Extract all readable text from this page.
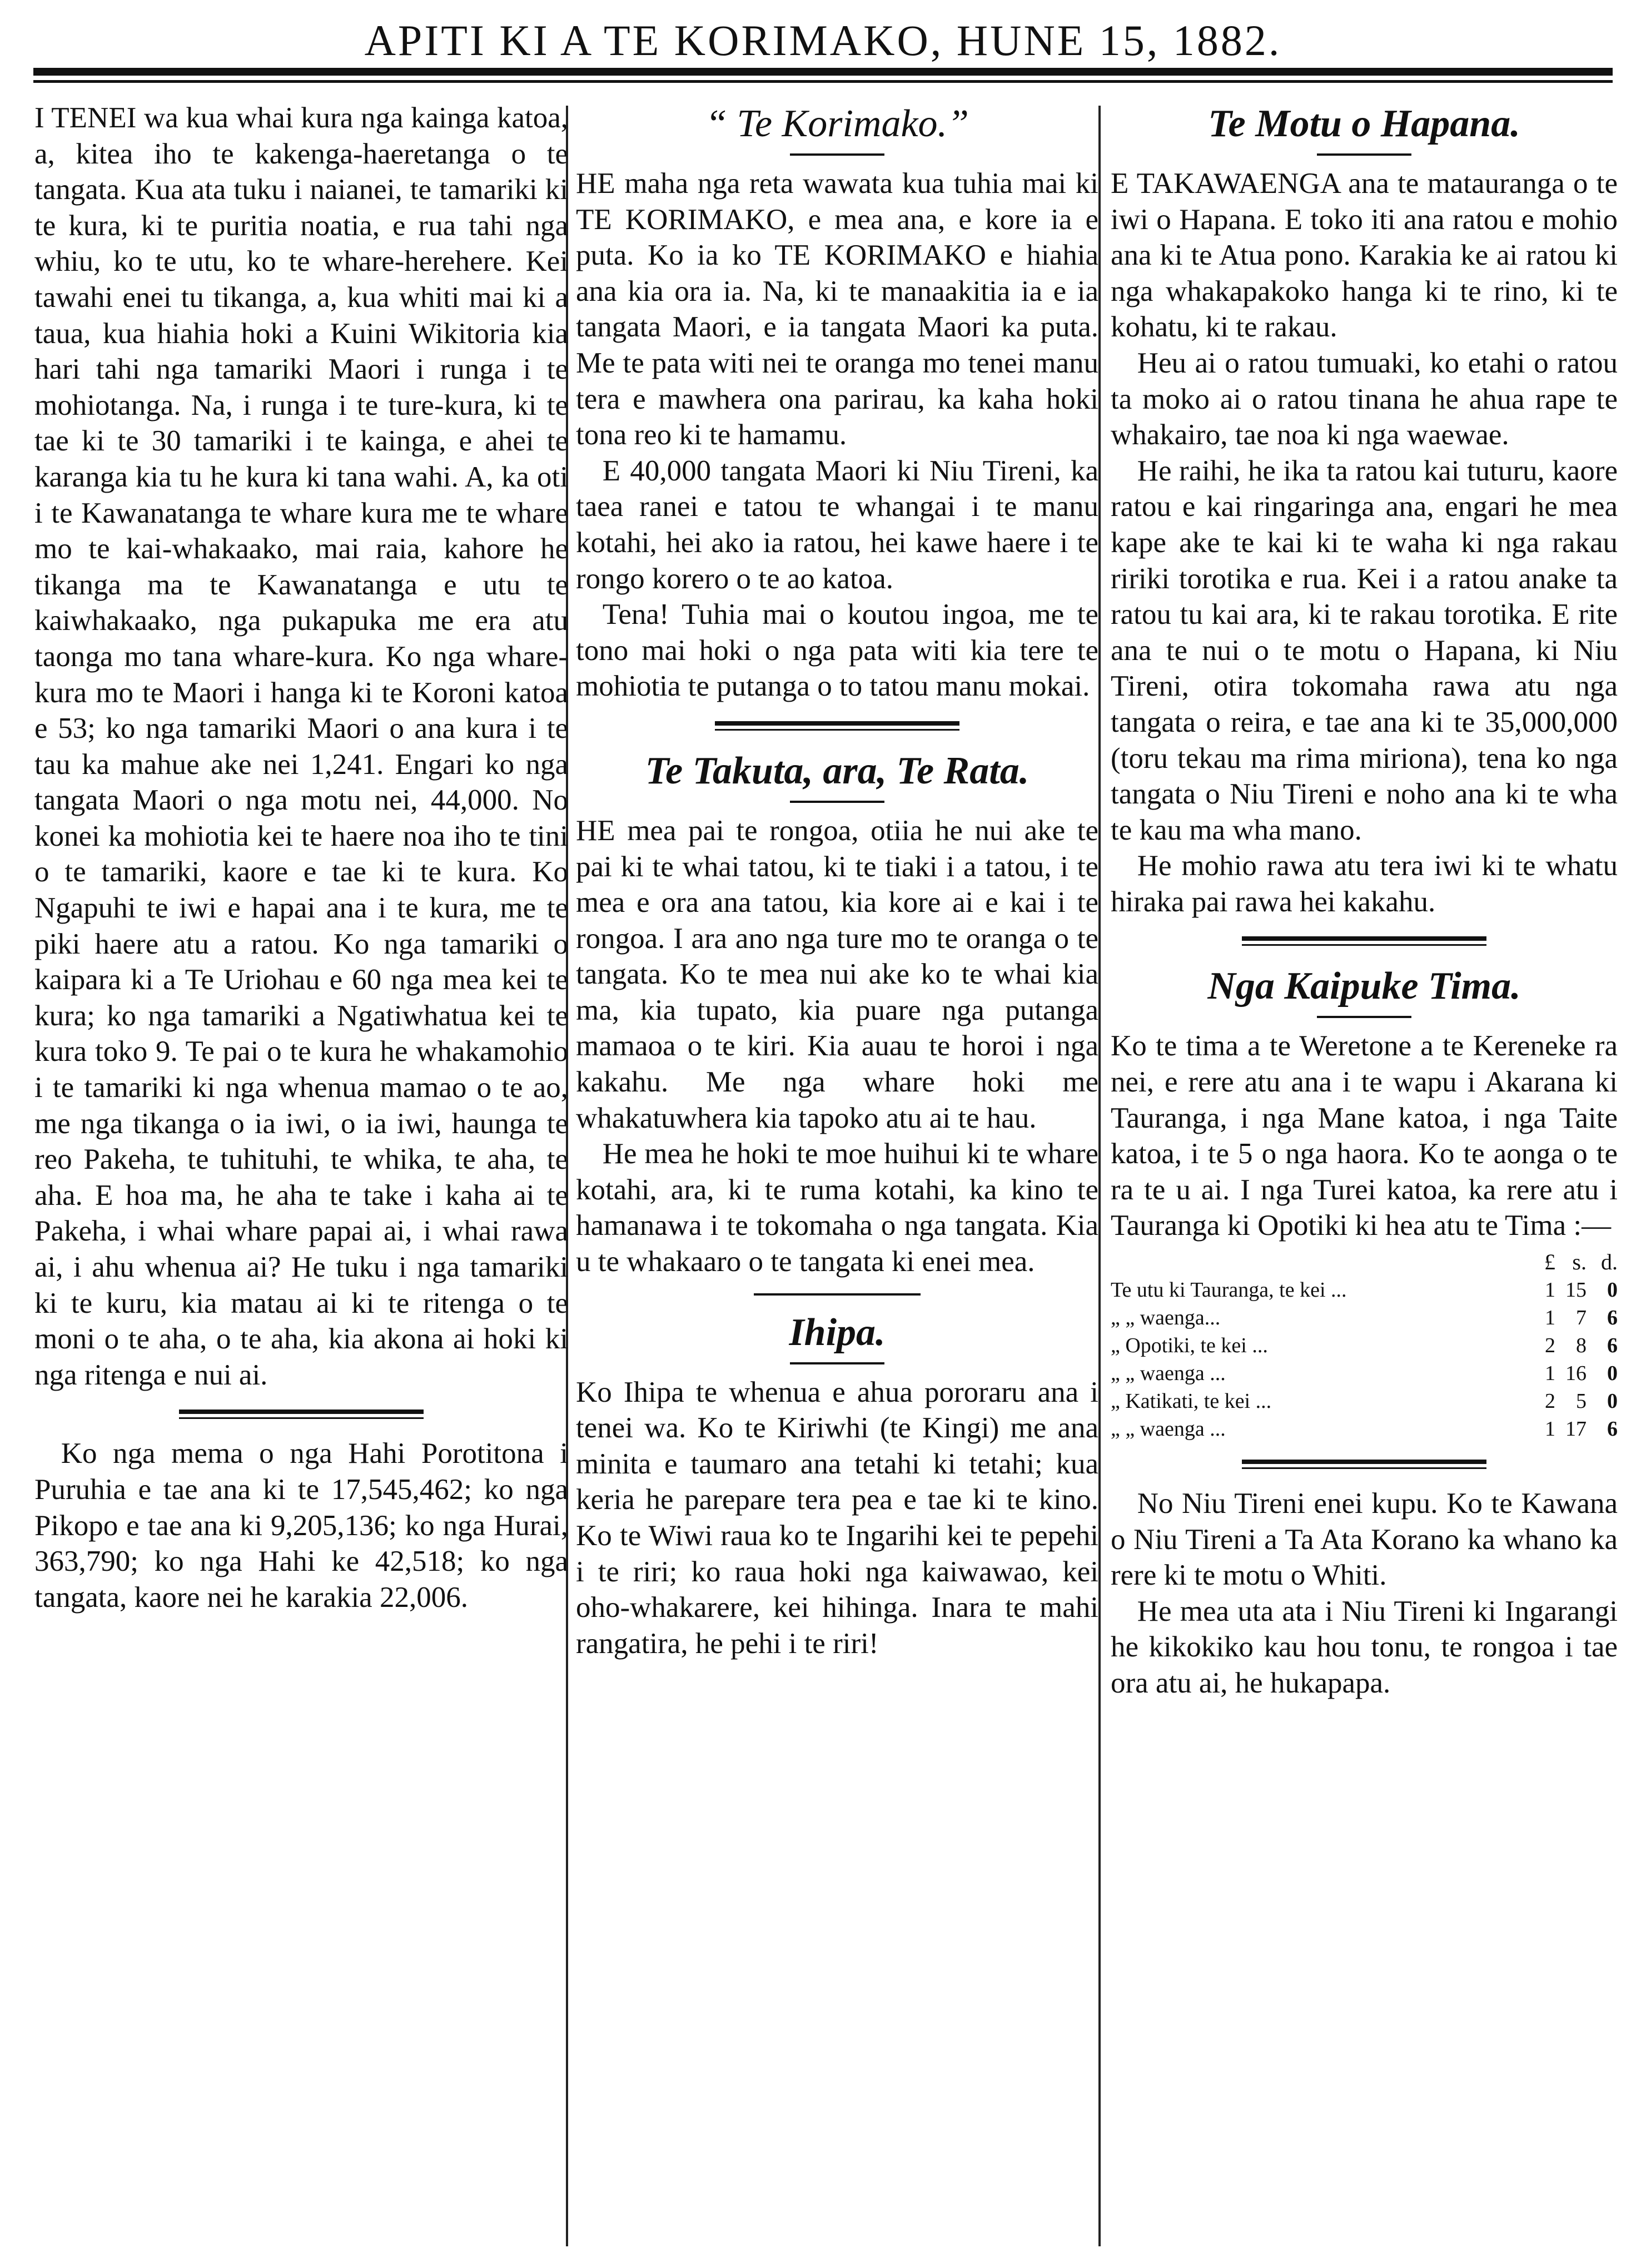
APITI KI A TE KORIMAKO, HUNE 15, 1882.

I TENEI wa kua whai kura nga kainga katoa, a, kitea iho te kakenga-haeretanga o te tangata. Kua ata tuku i naianei, te tamariki ki te kura, ki te puritia noatia, e rua tahi nga whiu, ko te utu, ko te whare-herehere. Kei tawahi enei tu tikanga, a, kua whiti mai ki a taua, kua hiahia hoki a Kuini Wikitoria kia hari tahi nga tamariki Maori i runga i te mohiotanga. Na, i runga i te ture-kura, ki te tae ki te 30 tamariki i te kainga, e ahei te karanga kia tu he kura ki tana wahi. A, ka oti i te Kawanatanga te whare kura me te whare mo te kai-whakaako, mai raia, kahore he tikanga ma te Kawanatanga e utu te kaiwhakaako, nga pukapuka me era atu taonga mo tana whare-kura. Ko nga whare-kura mo te Maori i hanga ki te Koroni katoa e 53; ko nga tamariki Maori o ana kura i te tau ka mahue ake nei 1,241. Engari ko nga tangata Maori o nga motu nei, 44,000. No konei ka mohiotia kei te haere noa iho te tini o te tamariki, kaore e tae ki te kura. Ko Ngapuhi te iwi e hapai ana i te kura, me te piki haere atu a ratou. Ko nga tamariki o kaipara ki a Te Uriohau e 60 nga mea kei te kura; ko nga tamariki a Ngatiwhatua kei te kura toko 9. Te pai o te kura he whakamohio i te tamariki ki nga whenua mamao o te ao, me nga tikanga o ia iwi, o ia iwi, haunga te reo Pakeha, te tuhituhi, te whika, te aha, te aha. E hoa ma, he aha te take i kaha ai te Pakeha, i whai whare papai ai, i whai rawa ai, i ahu whenua ai? He tuku i nga tamariki ki te kuru, kia matau ai ki te ritenga o te moni o te aha, o te aha, kia akona ai hoki ki nga ritenga e nui ai.

Ko nga mema o nga Hahi Porotitona i Puruhia e tae ana ki te 17,545,462; ko nga Pikopo e tae ana ki 9,205,136; ko nga Hurai, 363,790; ko nga Hahi ke 42,518; ko nga tangata, kaore nei he karakia 22,006.

“ Te Korimako.”

HE maha nga reta wawata kua tuhia mai ki TE KORIMAKO, e mea ana, e kore ia e puta. Ko ia ko TE KORIMAKO e hiahia ana kia ora ia. Na, ki te manaakitia ia e ia tangata Maori, e ia tangata Maori ka puta. Me te pata witi nei te oranga mo tenei manu tera e mawhera ona parirau, ka kaha hoki tona reo ki te hamamu.

E 40,000 tangata Maori ki Niu Tireni, ka taea ranei e tatou te whangai i te manu kotahi, hei ako ia ratou, hei kawe haere i te rongo korero o te ao katoa.

Tena! Tuhia mai o koutou ingoa, me te tono mai hoki o nga pata witi kia tere te mohiotia te putanga o to tatou manu mokai.

Te Takuta, ara, Te Rata.

HE mea pai te rongoa, otiia he nui ake te pai ki te whai tatou, ki te tiaki i a tatou, i te mea e ora ana tatou, kia kore ai e kai i te rongoa. I ara ano nga ture mo te oranga o te tangata. Ko te mea nui ake ko te whai kia ma, kia tupato, kia puare nga putanga mamaoa o te kiri. Kia auau te horoi i nga kakahu. Me nga whare hoki me whakatuwhera kia tapoko atu ai te hau.

He mea he hoki te moe huihui ki te whare kotahi, ara, ki te ruma kotahi, ka kino te hamanawa i te tokomaha o nga tangata. Kia u te whakaaro o te tangata ki enei mea.

Ihipa.

Ko Ihipa te whenua e ahua pororaru ana i tenei wa. Ko te Kiriwhi (te Kingi) me ana minita e taumaro ana tetahi ki tetahi; kua keria he parepare tera pea e tae ki te kino. Ko te Wiwi raua ko te Ingarihi kei te pepehi i te riri; ko raua hoki nga kaiwawao, kei oho-whakarere, kei hihinga. Inara te mahi rangatira, he pehi i te riri!

Te Motu o Hapana.

E TAKAWAENGA ana te matauranga o te iwi o Hapana. E toko iti ana ratou e mohio ana ki te Atua pono. Karakia ke ai ratou ki nga whakapakoko hanga ki te rino, ki te kohatu, ki te rakau.

Heu ai o ratou tumuaki, ko etahi o ratou ta moko ai o ratou tinana he ahua rape te whakairo, tae noa ki nga waewae.

He raihi, he ika ta ratou kai tuturu, kaore ratou e kai ringaringa ana, engari he mea kape ake te kai ki te waha ki nga rakau ririki torotika e rua. Kei i a ratou anake ta ratou tu kai ara, ki te rakau torotika. E rite ana te nui o te motu o Hapana, ki Niu Tireni, otira tokomaha rawa atu nga tangata o reira, e tae ana ki te 35,000,000 (toru tekau ma rima miriona), tena ko nga tangata o Niu Tireni e noho ana ki te wha te kau ma wha mano.

He mohio rawa atu tera iwi ki te whatu hiraka pai rawa hei kakahu.

Nga Kaipuke Tima.

Ko te tima a te Weretone a te Kereneke ra nei, e rere atu ana i te wapu i Akarana ki Tauranga, i nga Mane katoa, i nga Taite katoa, i te 5 o nga haora. Ko te aonga o te ra te u ai. I nga Turei katoa, ka rere atu i Tauranga ki Opotiki ki hea atu te Tima :—

	£	s.	d.
Te utu ki Tauranga, te kei ...	1	15	0
„ „ waenga...	1	7	6
„ Opotiki, te kei ...	2	8	6
„ „ waenga ...	1	16	0
„ Katikati, te kei ...	2	5	0
„ „ waenga ...	1	17	6

No Niu Tireni enei kupu. Ko te Kawana o Niu Tireni a Ta Ata Korano ka whano ka rere ki te motu o Whiti.

He mea uta ata i Niu Tireni ki Ingarangi he kikokiko kau hou tonu, te rongoa i tae ora atu ai, he hukapapa.
